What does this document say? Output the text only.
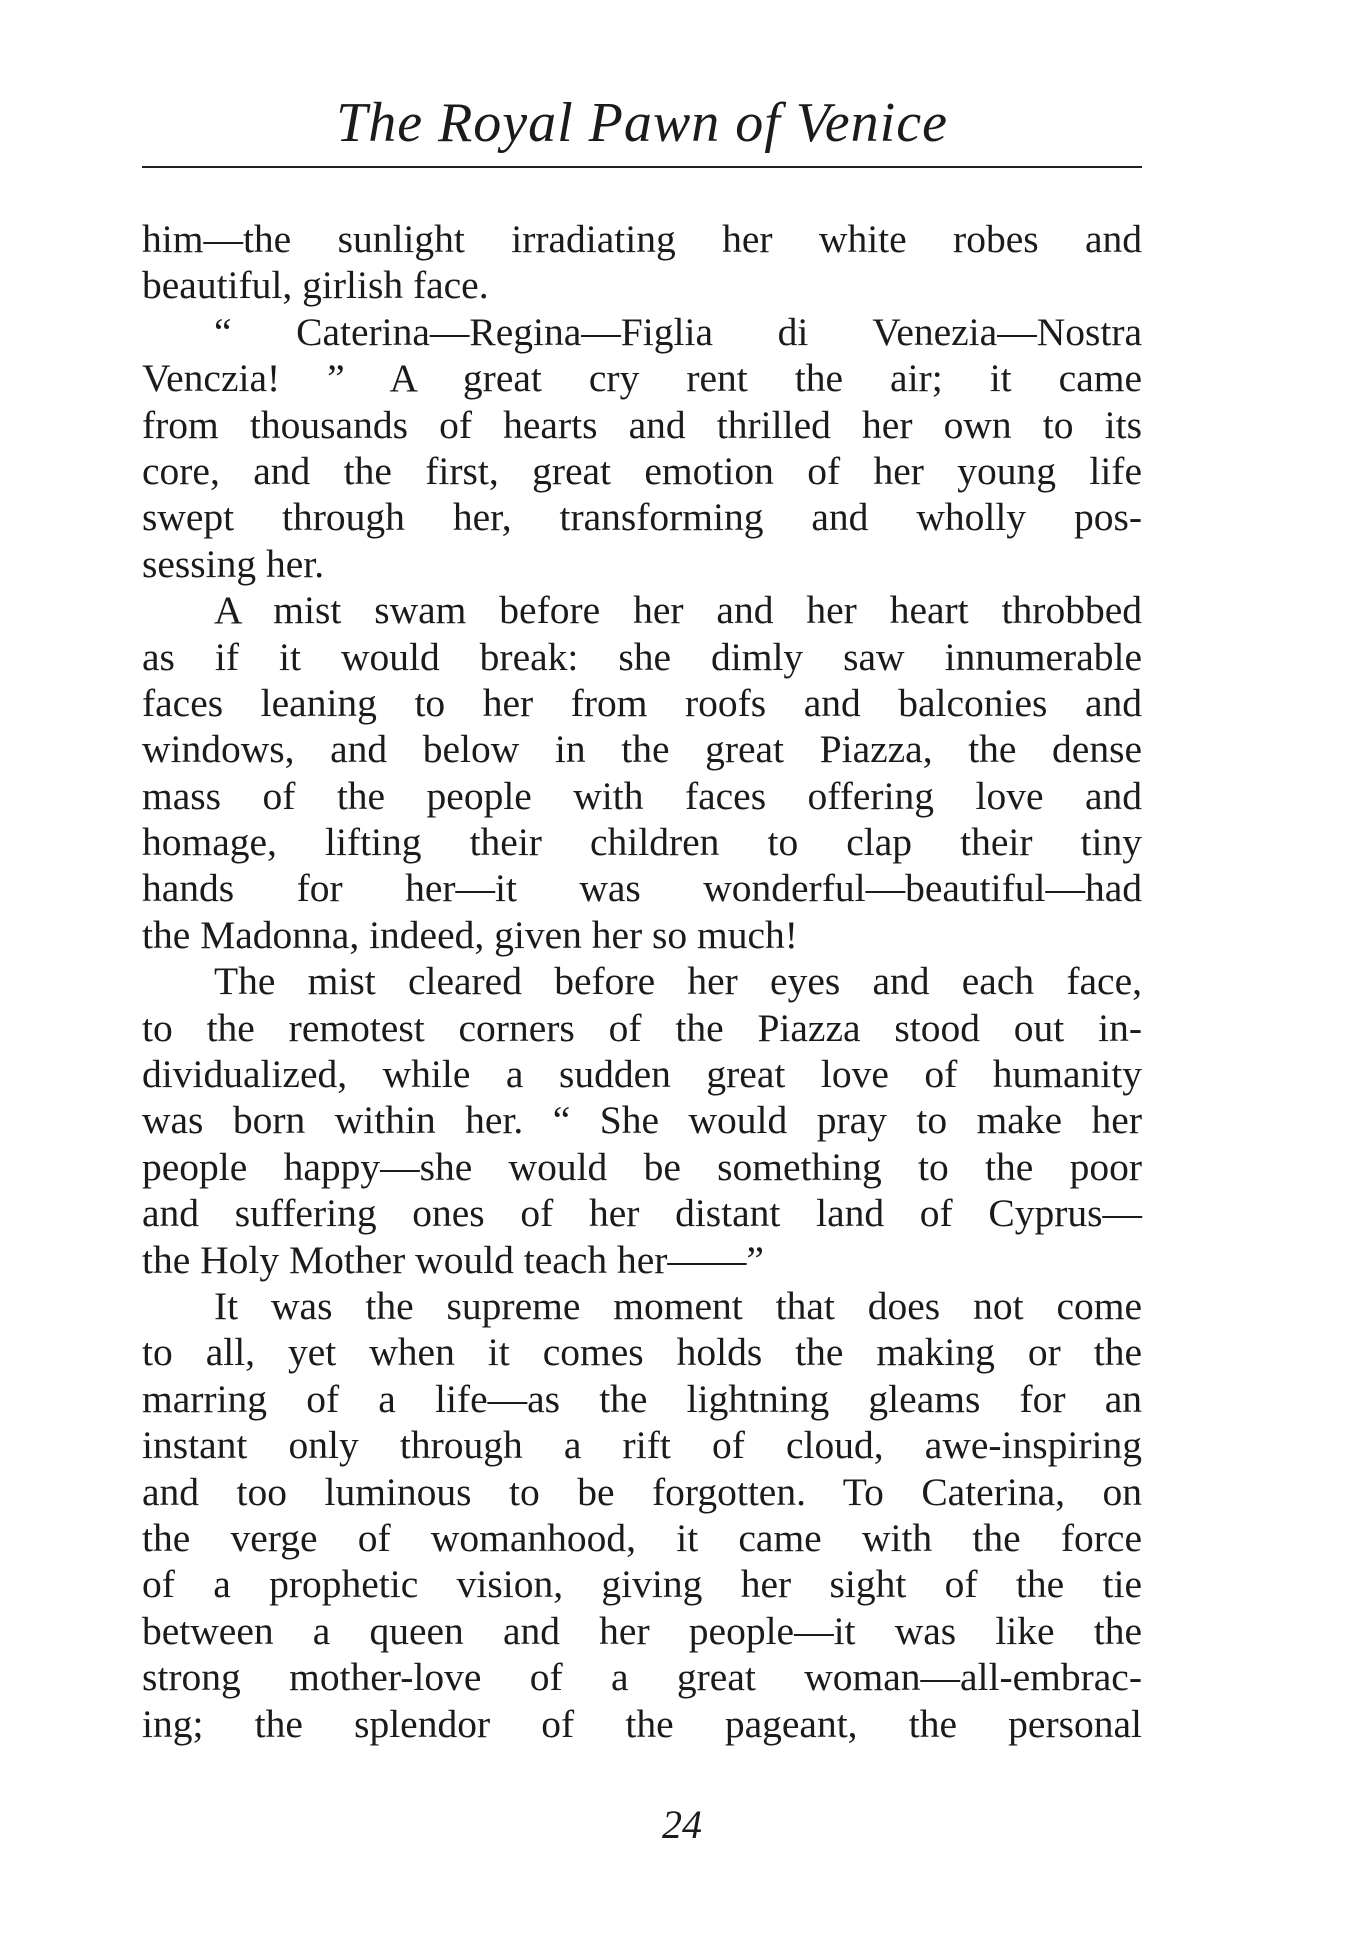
The Royal Pawn of Venice
him—the sunlight irradiating her white robes and
beautiful, girlish face.
“ Caterina—Regina—Figlia di Venezia—Nostra
Venczia! ” A great cry rent the air; it came
from thousands of hearts and thrilled her own to its
core, and the first, great emotion of her young life
swept through her, transforming and wholly pos-
sessing her.
A mist swam before her and her heart throbbed
as if it would break: she dimly saw innumerable
faces leaning to her from roofs and balconies and
windows, and below in the great Piazza, the dense
mass of the people with faces offering love and
homage, lifting their children to clap their tiny
hands for her—it was wonderful—beautiful—had
the Madonna, indeed, given her so much!
The mist cleared before her eyes and each face,
to the remotest corners of the Piazza stood out in-
dividualized, while a sudden great love of humanity
was born within her. “ She would pray to make her
people happy—she would be something to the poor
and suffering ones of her distant land of Cyprus—
the Holy Mother would teach her——”
It was the supreme moment that does not come
to all, yet when it comes holds the making or the
marring of a life—as the lightning gleams for an
instant only through a rift of cloud, awe-inspiring
and too luminous to be forgotten. To Caterina, on
the verge of womanhood, it came with the force
of a prophetic vision, giving her sight of the tie
between a queen and her people—it was like the
strong mother-love of a great woman—all-embrac-
ing; the splendor of the pageant, the personal
24
